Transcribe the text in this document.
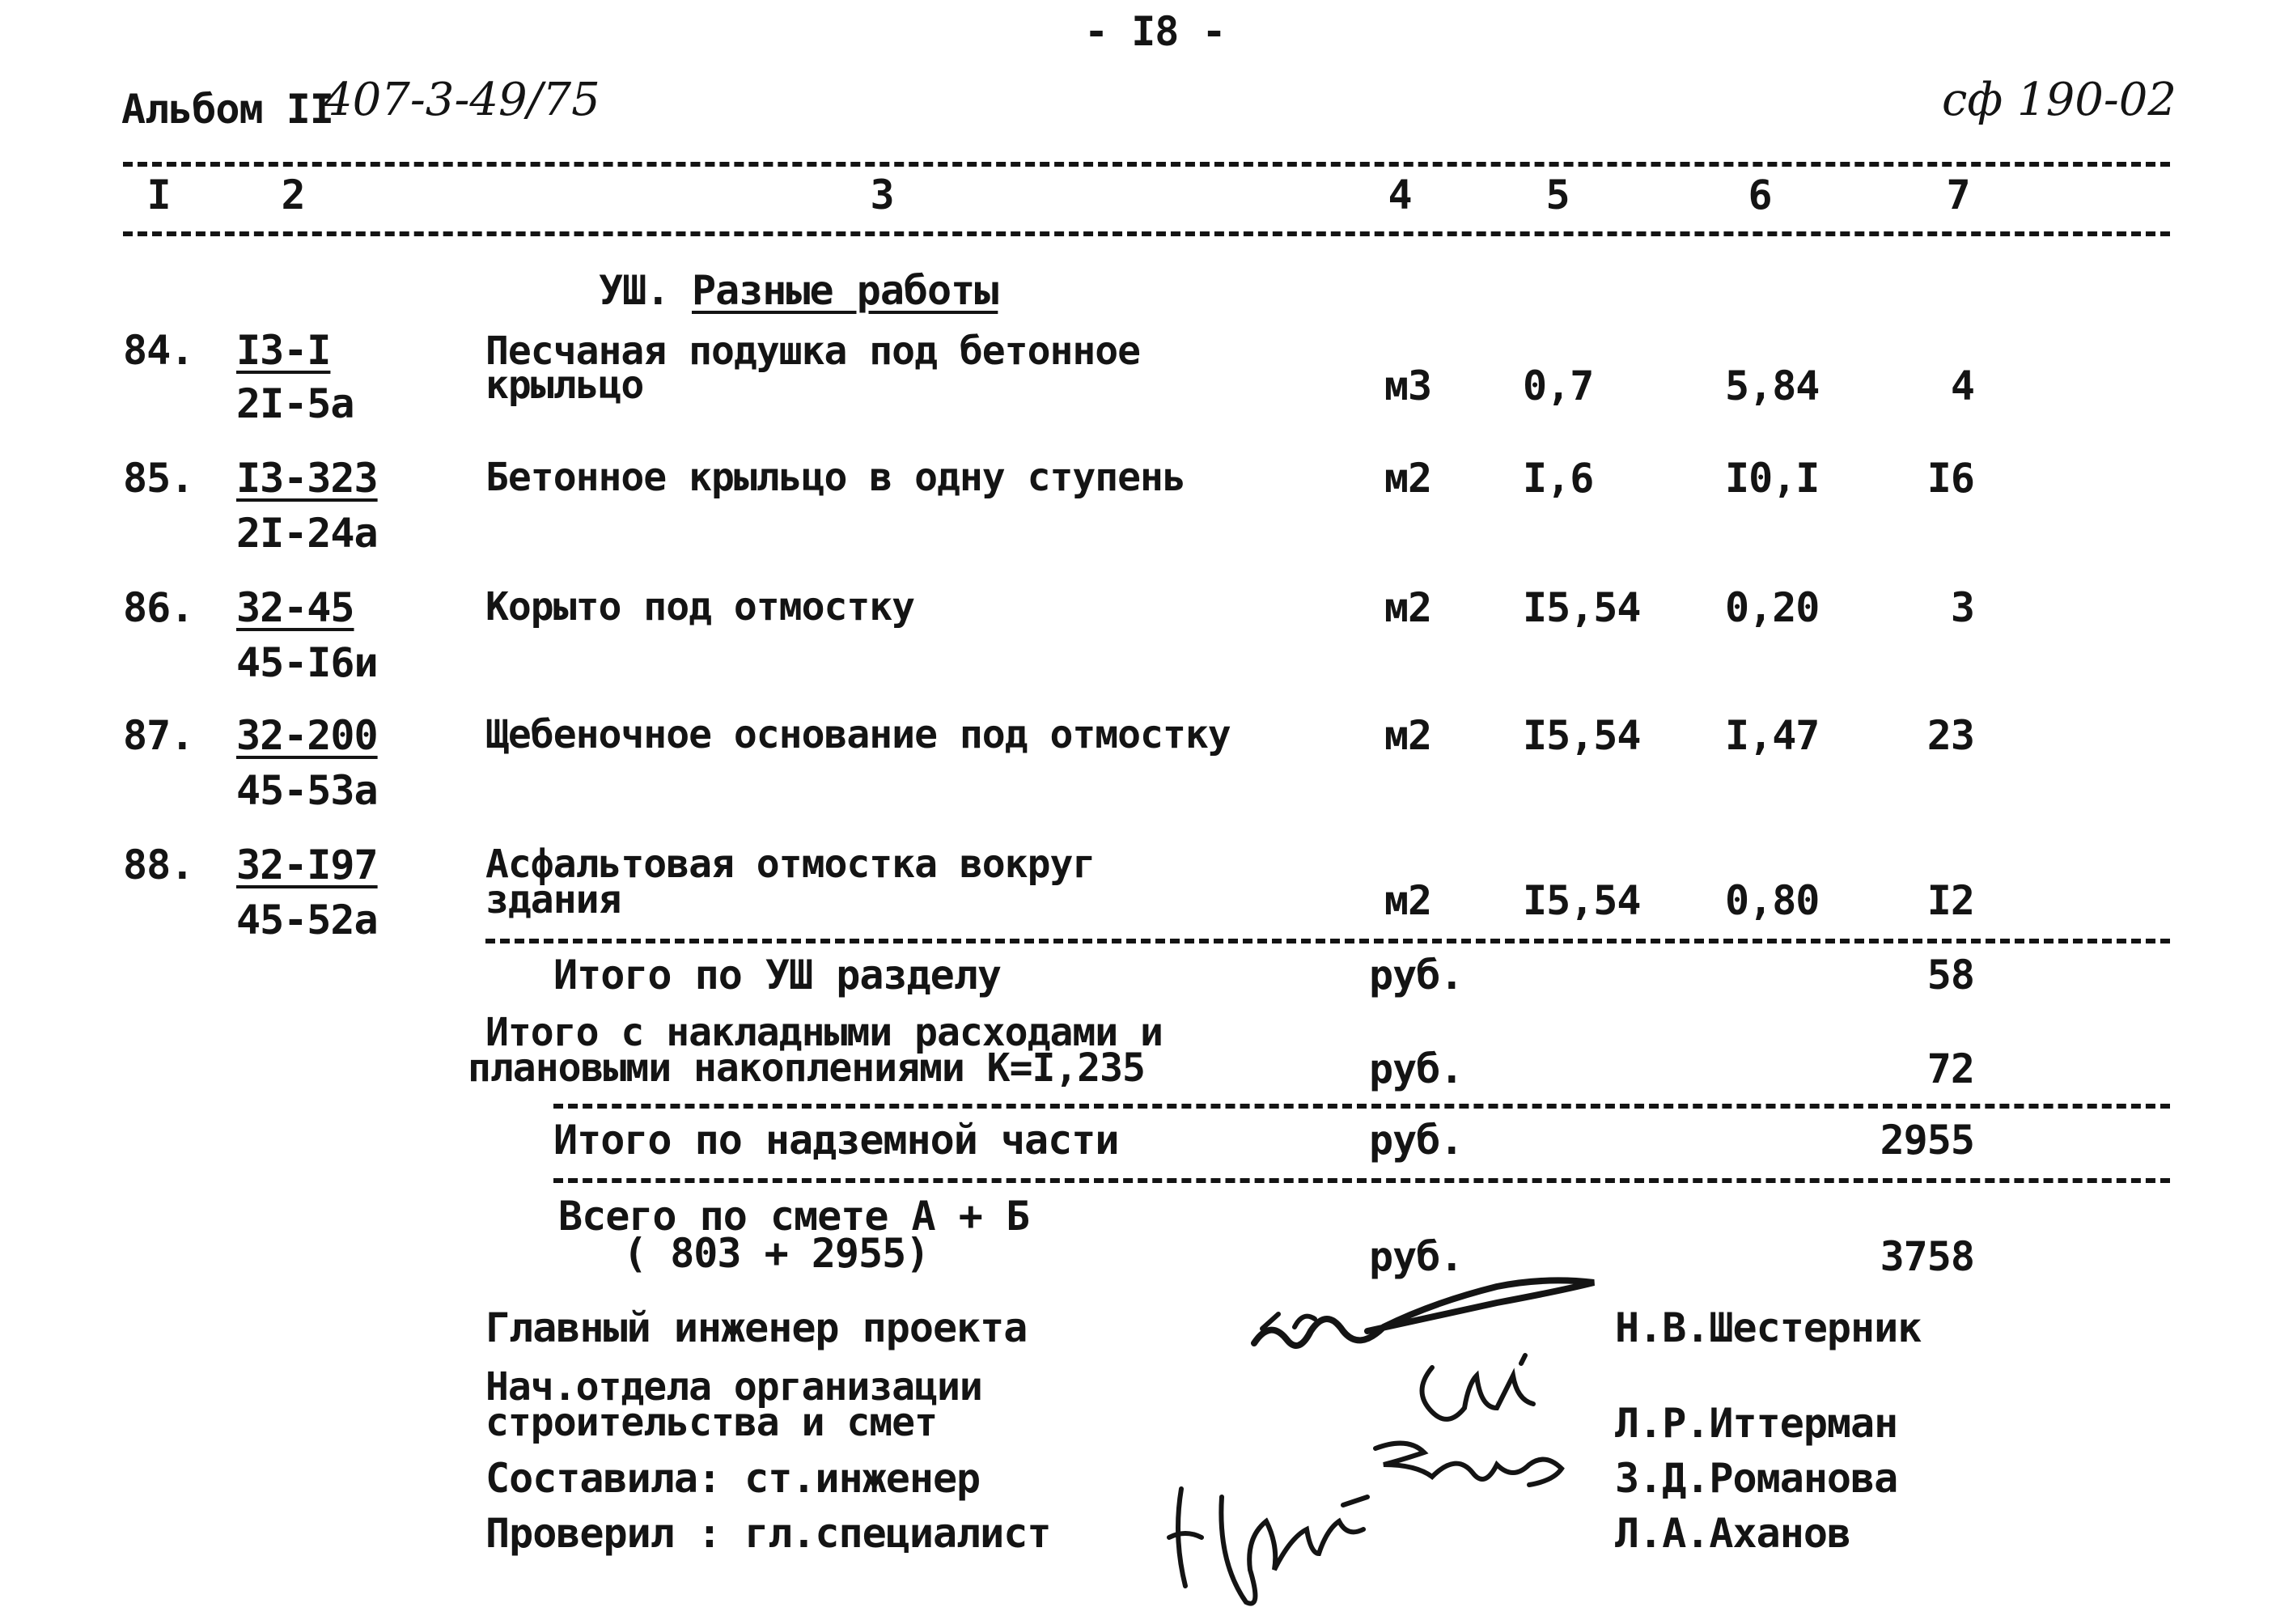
- I8 -
Альбом II
407-3-49/75	сф 190-02
I	2	3	4	5	6	7
УШ. Разные работы
84. I3-I
2I-5a
Песчаная подушка под бетонное
крыльцо	м3 0,7	5,84	4
85. I3-323
2I-24a
Бетонное крыльцо в одну ступень	м2 I,6	I0,I	I6
86. 32-45
45-I6и
Корыто под отмостку	м2 I5,54 0,20	3
87. 32-200
45-53a
Щебеночное основание под отмостку	м2 I5,54 I,47	23
88. 32-I97
45-52a
Асфальтовая отмостка вокруг
здания	м2 I5,54 0,80	I2
Итого по УШ разделу	руб.	58
Итого с накладными расходами и
плановыми накоплениями К=I,235	руб.	72
Итого по надземной части	руб.	2955
Всего по смете А + Б
( 803 + 2955)	руб.	3758
Главный инженер проекта	Н.В.Шестерник
Нач.отдела организации
строительства и смет	Л.Р.Иттерман
Составила: ст.инженер	З.Д.Романова
Проверил : гл.специалист	Л.А.Аханов
